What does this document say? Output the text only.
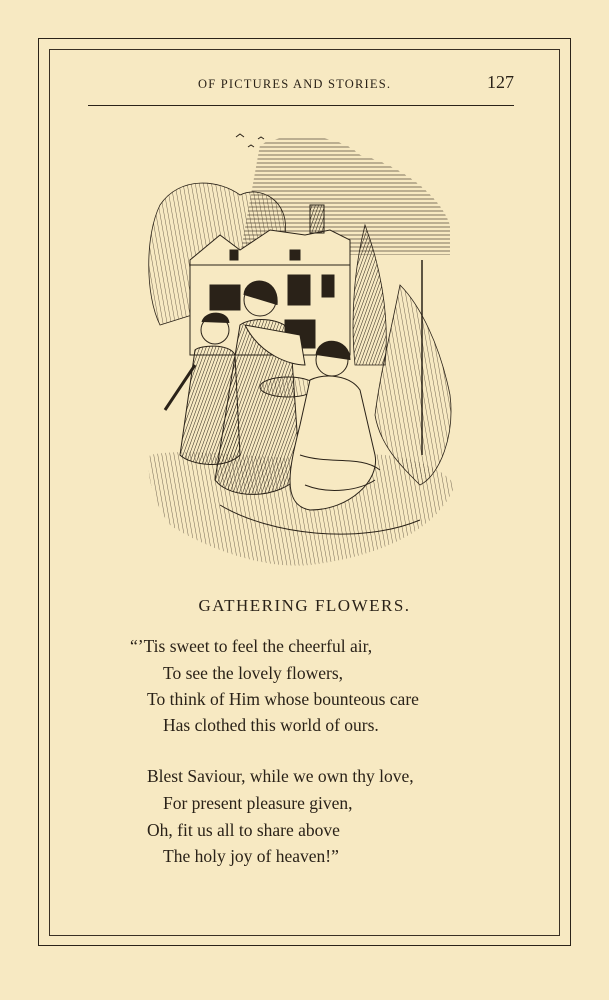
OF PICTURES AND STORIES.	127
GATHERING FLOWERS.
“’Tis sweet to feel the cheerful air,
To see the lovely flowers,
To think of Him whose bounteous care
Has clothed this world of ours.
Blest Saviour, while we own thy love,
For present pleasure given,
Oh, fit us all to share above
The holy joy of heaven!”
